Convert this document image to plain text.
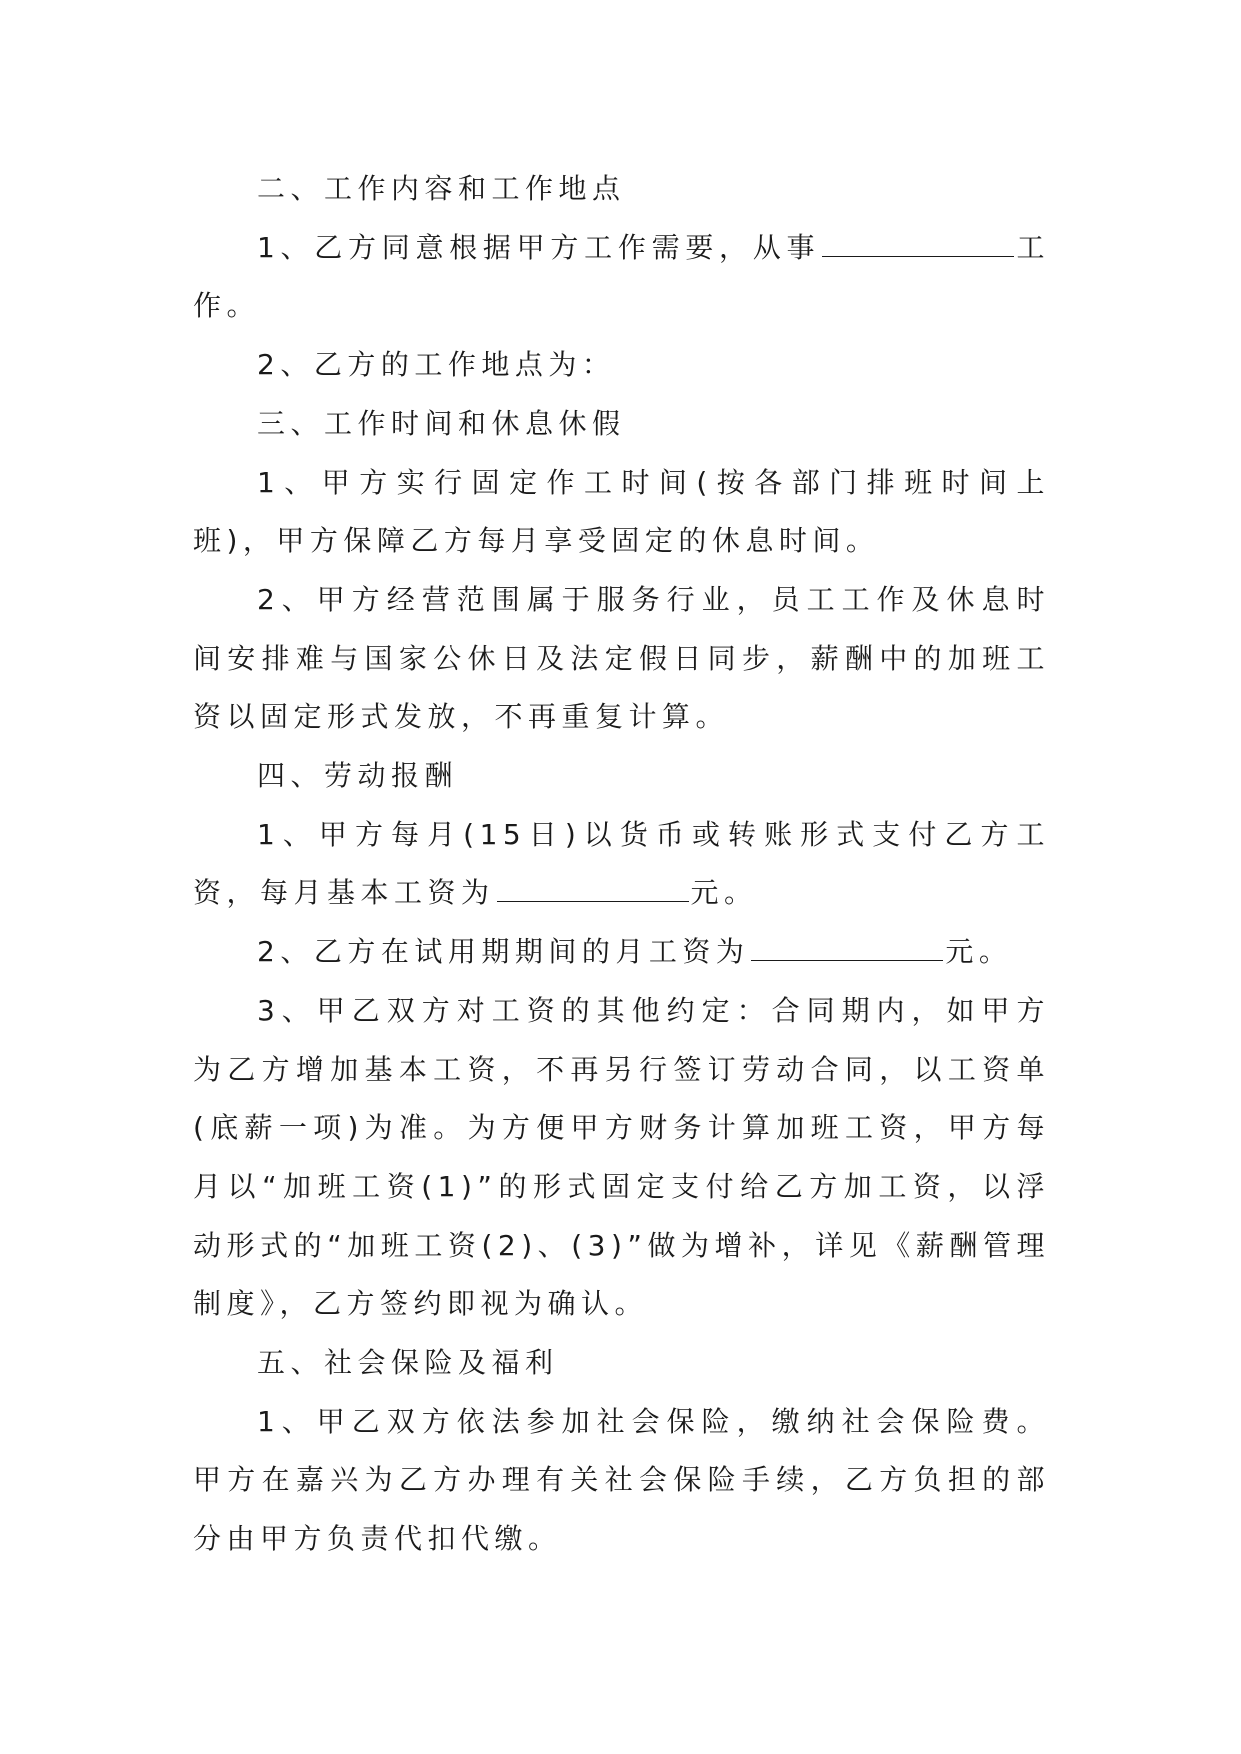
二、工作内容和工作地点

1、乙方同意根据甲方工作需要，从事	工作。

2、乙方的工作地点为：

三、工作时间和休息休假

1、甲方实行固定作工时间(按各部门排班时间上班)，甲方保障乙方每月享受固定的休息时间。

2、甲方经营范围属于服务行业，员工工作及休息时间安排难与国家公休日及法定假日同步，薪酬中的加班工资以固定形式发放，不再重复计算。

四、劳动报酬

1、甲方每月(15日)以货币或转账形式支付乙方工资，每月基本工资为	元。

2、乙方在试用期期间的月工资为	元。

3、甲乙双方对工资的其他约定：合同期内，如甲方为乙方增加基本工资，不再另行签订劳动合同，以工资单(底薪一项)为准。为方便甲方财务计算加班工资，甲方每月以“加班工资(1)”的形式固定支付给乙方加工资，以浮动形式的“加班工资(2)、(3)”做为增补，详见《薪酬管理制度》，乙方签约即视为确认。

五、社会保险及福利

1、甲乙双方依法参加社会保险，缴纳社会保险费。甲方在嘉兴为乙方办理有关社会保险手续，乙方负担的部分由甲方负责代扣代缴。
